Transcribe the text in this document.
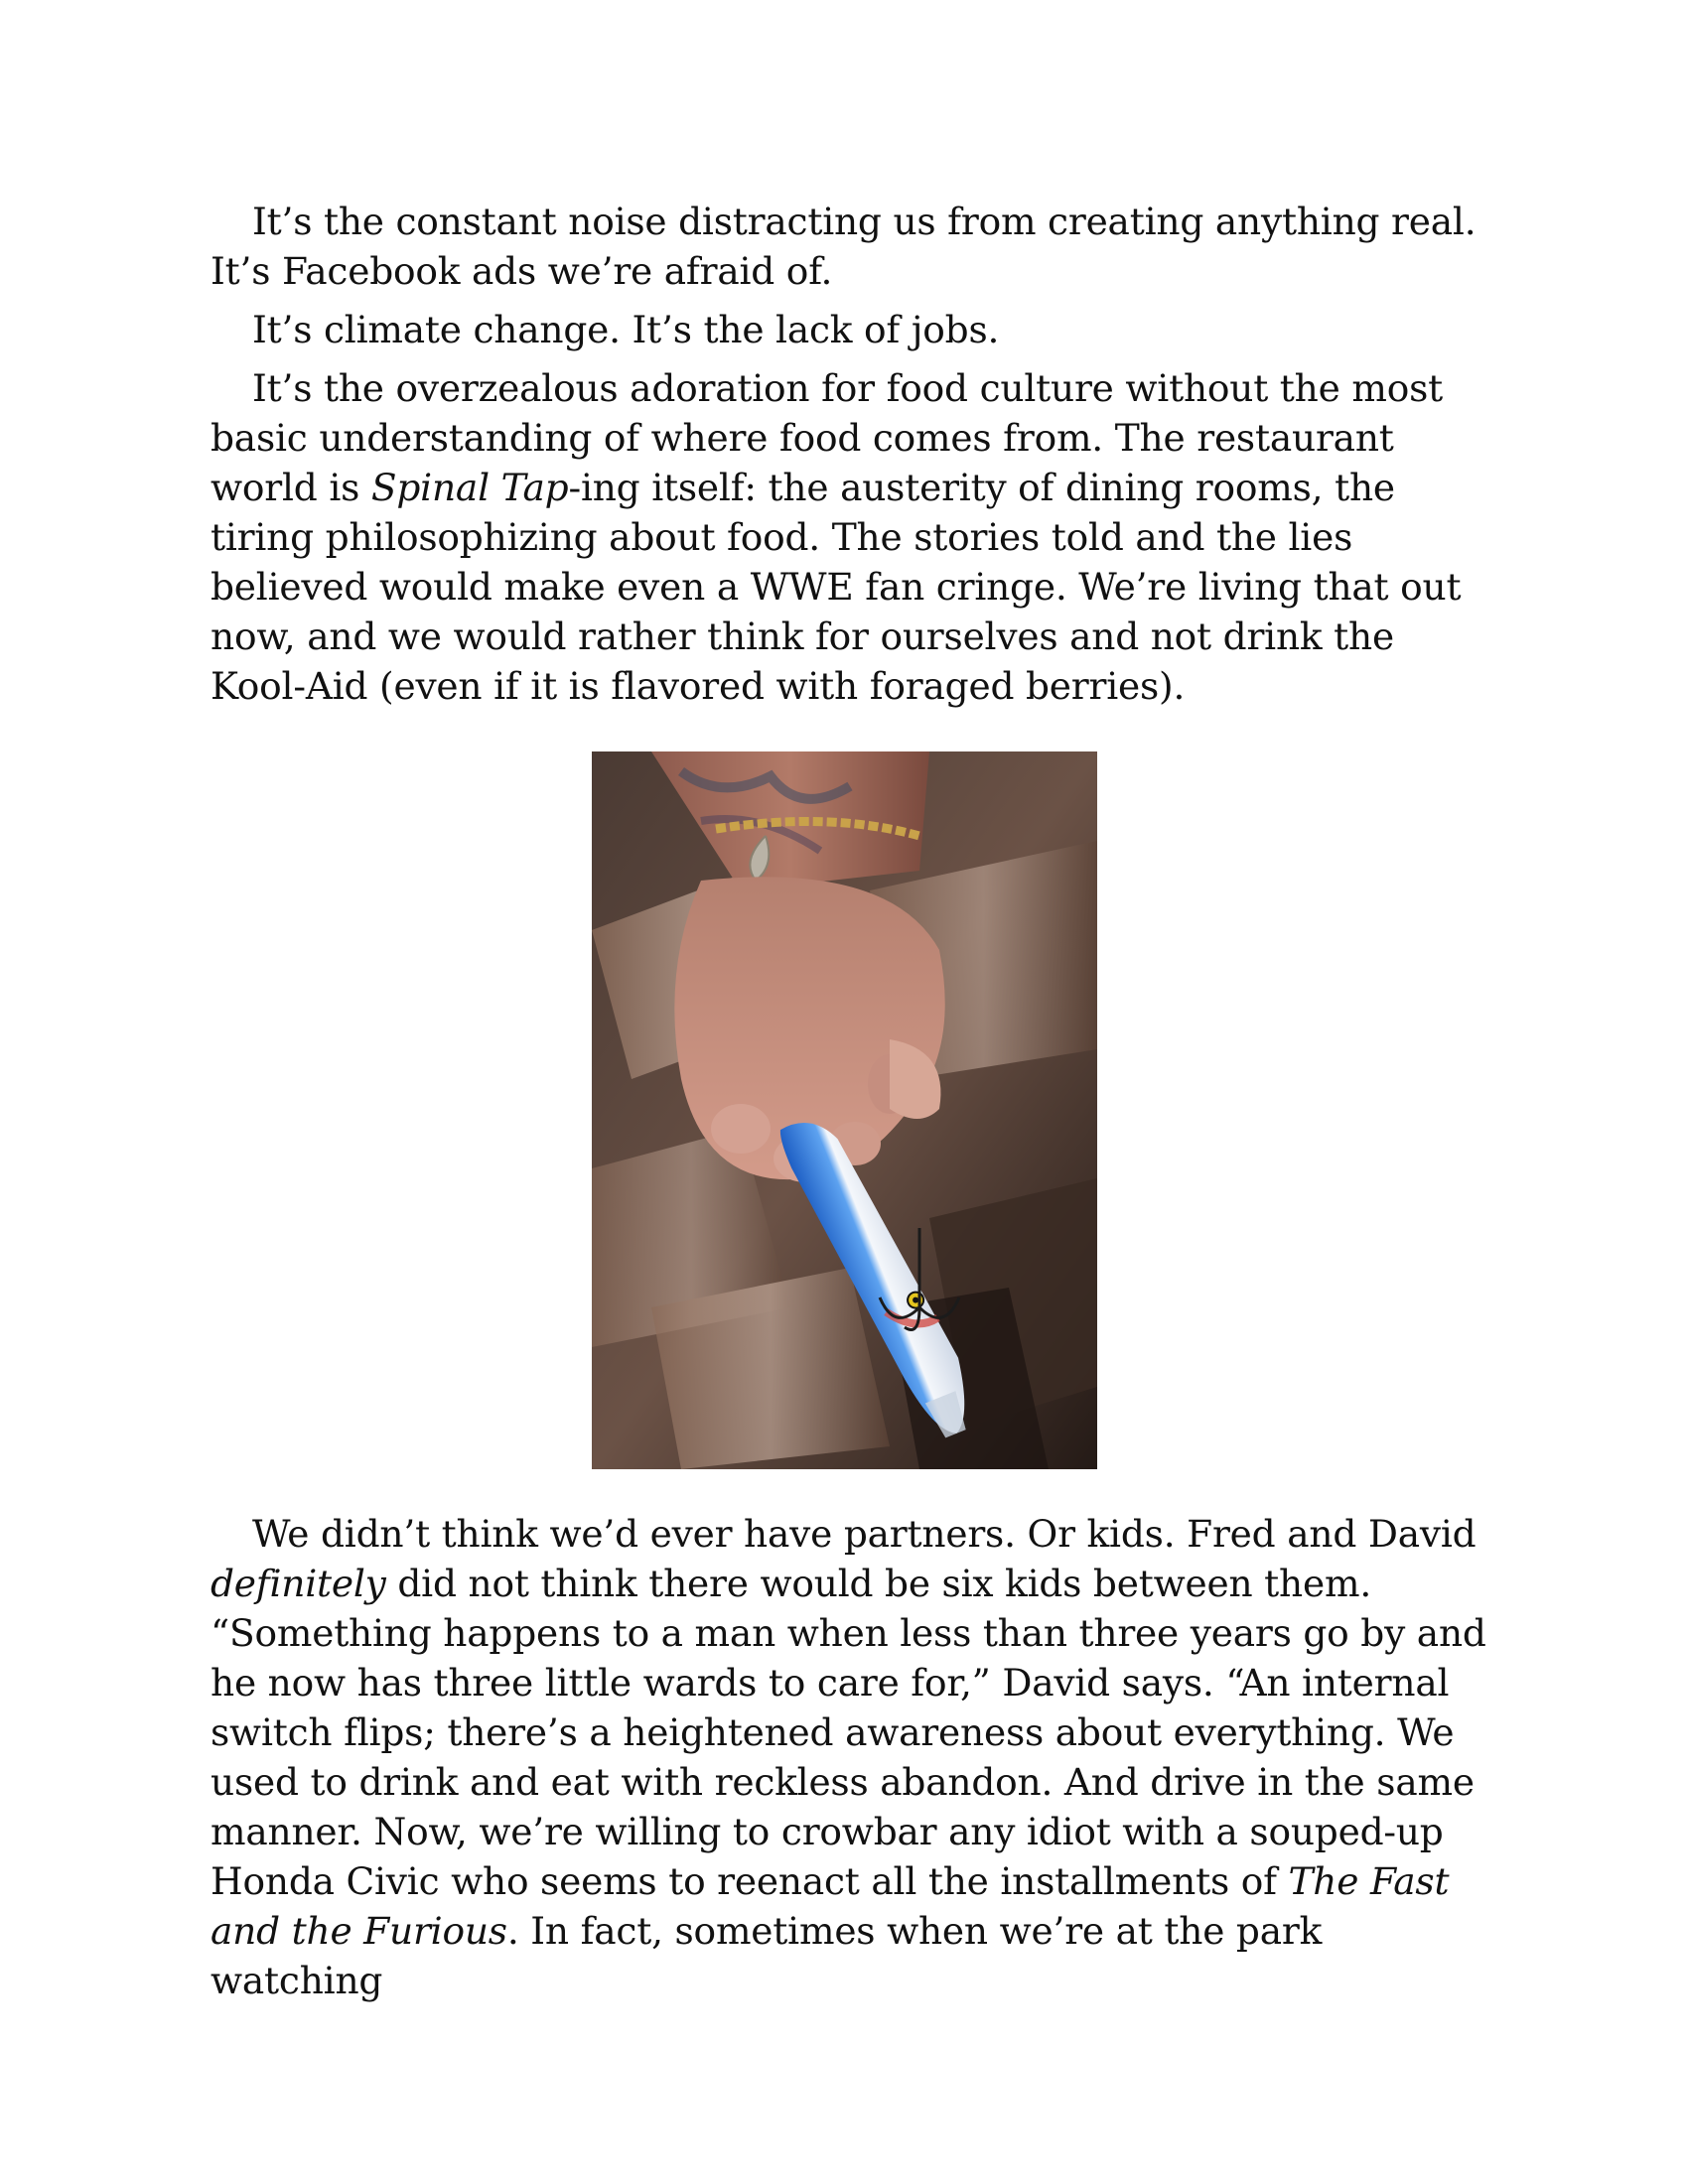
It’s the constant noise distracting us from creating anything real. It’s Facebook ads we’re afraid of.

It’s climate change. It’s the lack of jobs.

It’s the overzealous adoration for food culture without the most basic understanding of where food comes from. The restaurant world is Spinal Tap-ing itself: the austerity of dining rooms, the tiring philosophizing about food. The stories told and the lies believed would make even a WWE fan cringe. We’re living that out now, and we would rather think for ourselves and not drink the Kool-Aid (even if it is flavored with foraged berries).

We didn’t think we’d ever have partners. Or kids. Fred and David definitely did not think there would be six kids between them. “Something happens to a man when less than three years go by and he now has three little wards to care for,” David says. “An internal switch flips; there’s a heightened awareness about everything. We used to drink and eat with reckless abandon. And drive in the same manner. Now, we’re willing to crowbar any idiot with a souped-up Honda Civic who seems to reenact all the installments of The Fast and the Furious. In fact, sometimes when we’re at the park watching
